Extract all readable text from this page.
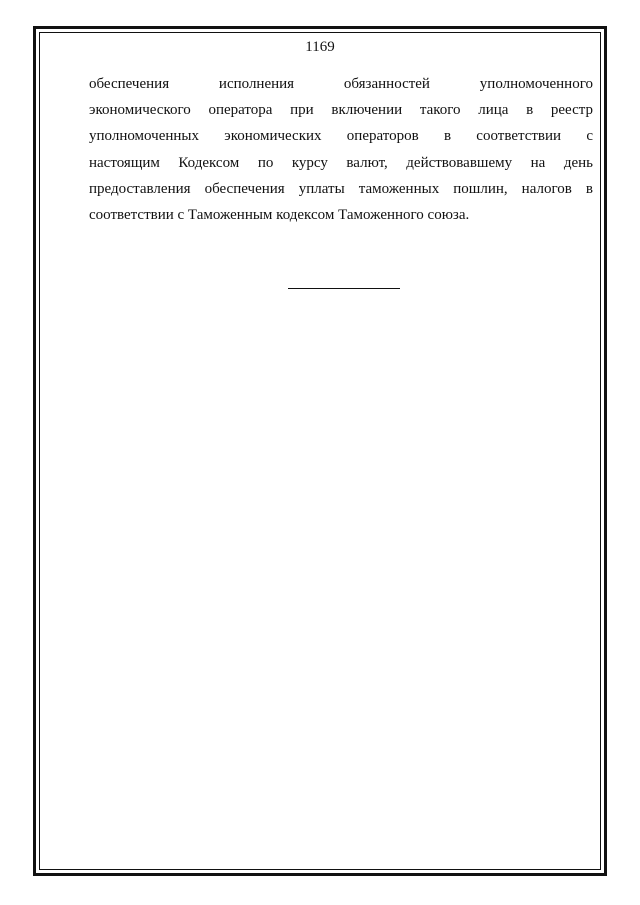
1169
обеспечения исполнения обязанностей уполномоченного
экономического оператора при включении такого лица в реестр
уполномоченных экономических операторов в соответствии с
настоящим Кодексом по курсу валют, действовавшему на день
предоставления обеспечения уплаты таможенных пошлин, налогов в
соответствии с Таможенным кодексом Таможенного союза.
